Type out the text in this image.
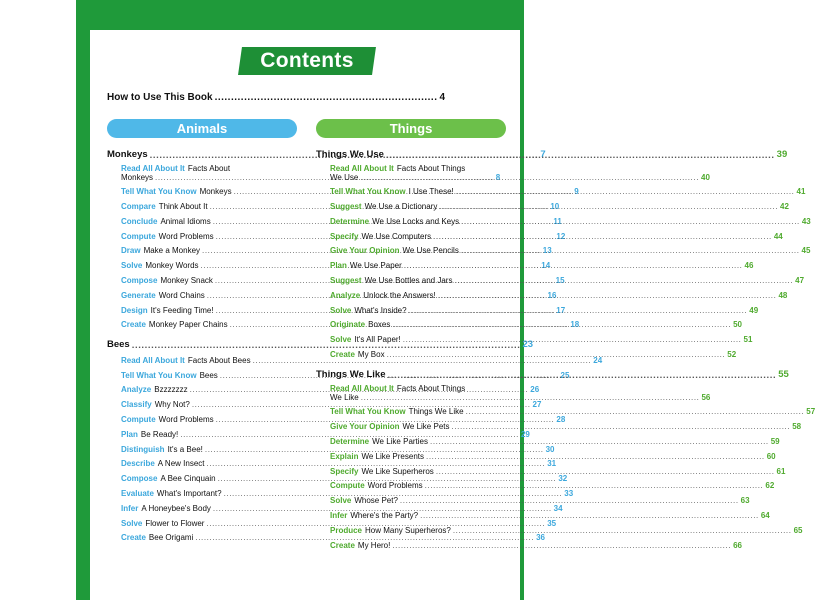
Contents
How to Use This Book .....	4
Animals
Monkeys .....	7
Read All About It Facts About
Monkeys .....	8
Tell What You Know Monkeys .....	9
Compare Think About It .....	10
Conclude Animal Idioms .....	11
Compute Word Problems .....	12
Draw Make a Monkey .....	13
Solve Monkey Words .....	14
Compose Monkey Snack .....	15
Generate Word Chains .....	16
Design It's Feeding Time! .....	17
Create Monkey Paper Chains .....	18
Bees .....	23
Read All About It Facts About Bees .....	24
Tell What You Know Bees .....	25
Analyze Bzzzzzzz .....	26
Classify Why Not? .....	27
Compute Word Problems .....	28
Plan Be Ready! .....	29
Distinguish It's a Bee! .....	30
Describe A New Insect .....	31
Compose A Bee Cinquain .....	32
Evaluate What's Important? .....	33
Infer A Honeybee's Body .....	34
Solve Flower to Flower .....	35
Create Bee Origami .....	36
Things
Things We Use .....	39
Read All About It Facts About Things
We Use .....	40
Tell What You Know I Use These! .....	41
Suggest We Use a Dictionary .....	42
Determine We Use Locks and Keys .....	43
Specify We Use Computers .....	44
Give Your Opinion We Use Pencils .....	45
Plan We Use Paper .....	46
Suggest We Use Bottles and Jars .....	47
Analyze Unlock the Answers! .....	48
Solve What's Inside? .....	49
Originate Boxes .....	50
Solve It's All Paper! .....	51
Create My Box .....	52
Things We Like .....	55
Read All About It Facts About Things
We Like .....	56
Tell What You Know Things We Like .....	57
Give Your Opinion We Like Pets .....	58
Determine We Like Parties .....	59
Explain We Like Presents .....	60
Specify We Like Superheros .....	61
Compute Word Problems .....	62
Solve Whose Pet? .....	63
Infer Where's the Party? .....	64
Produce How Many Superheros? .....	65
Create My Hero! .....	66
